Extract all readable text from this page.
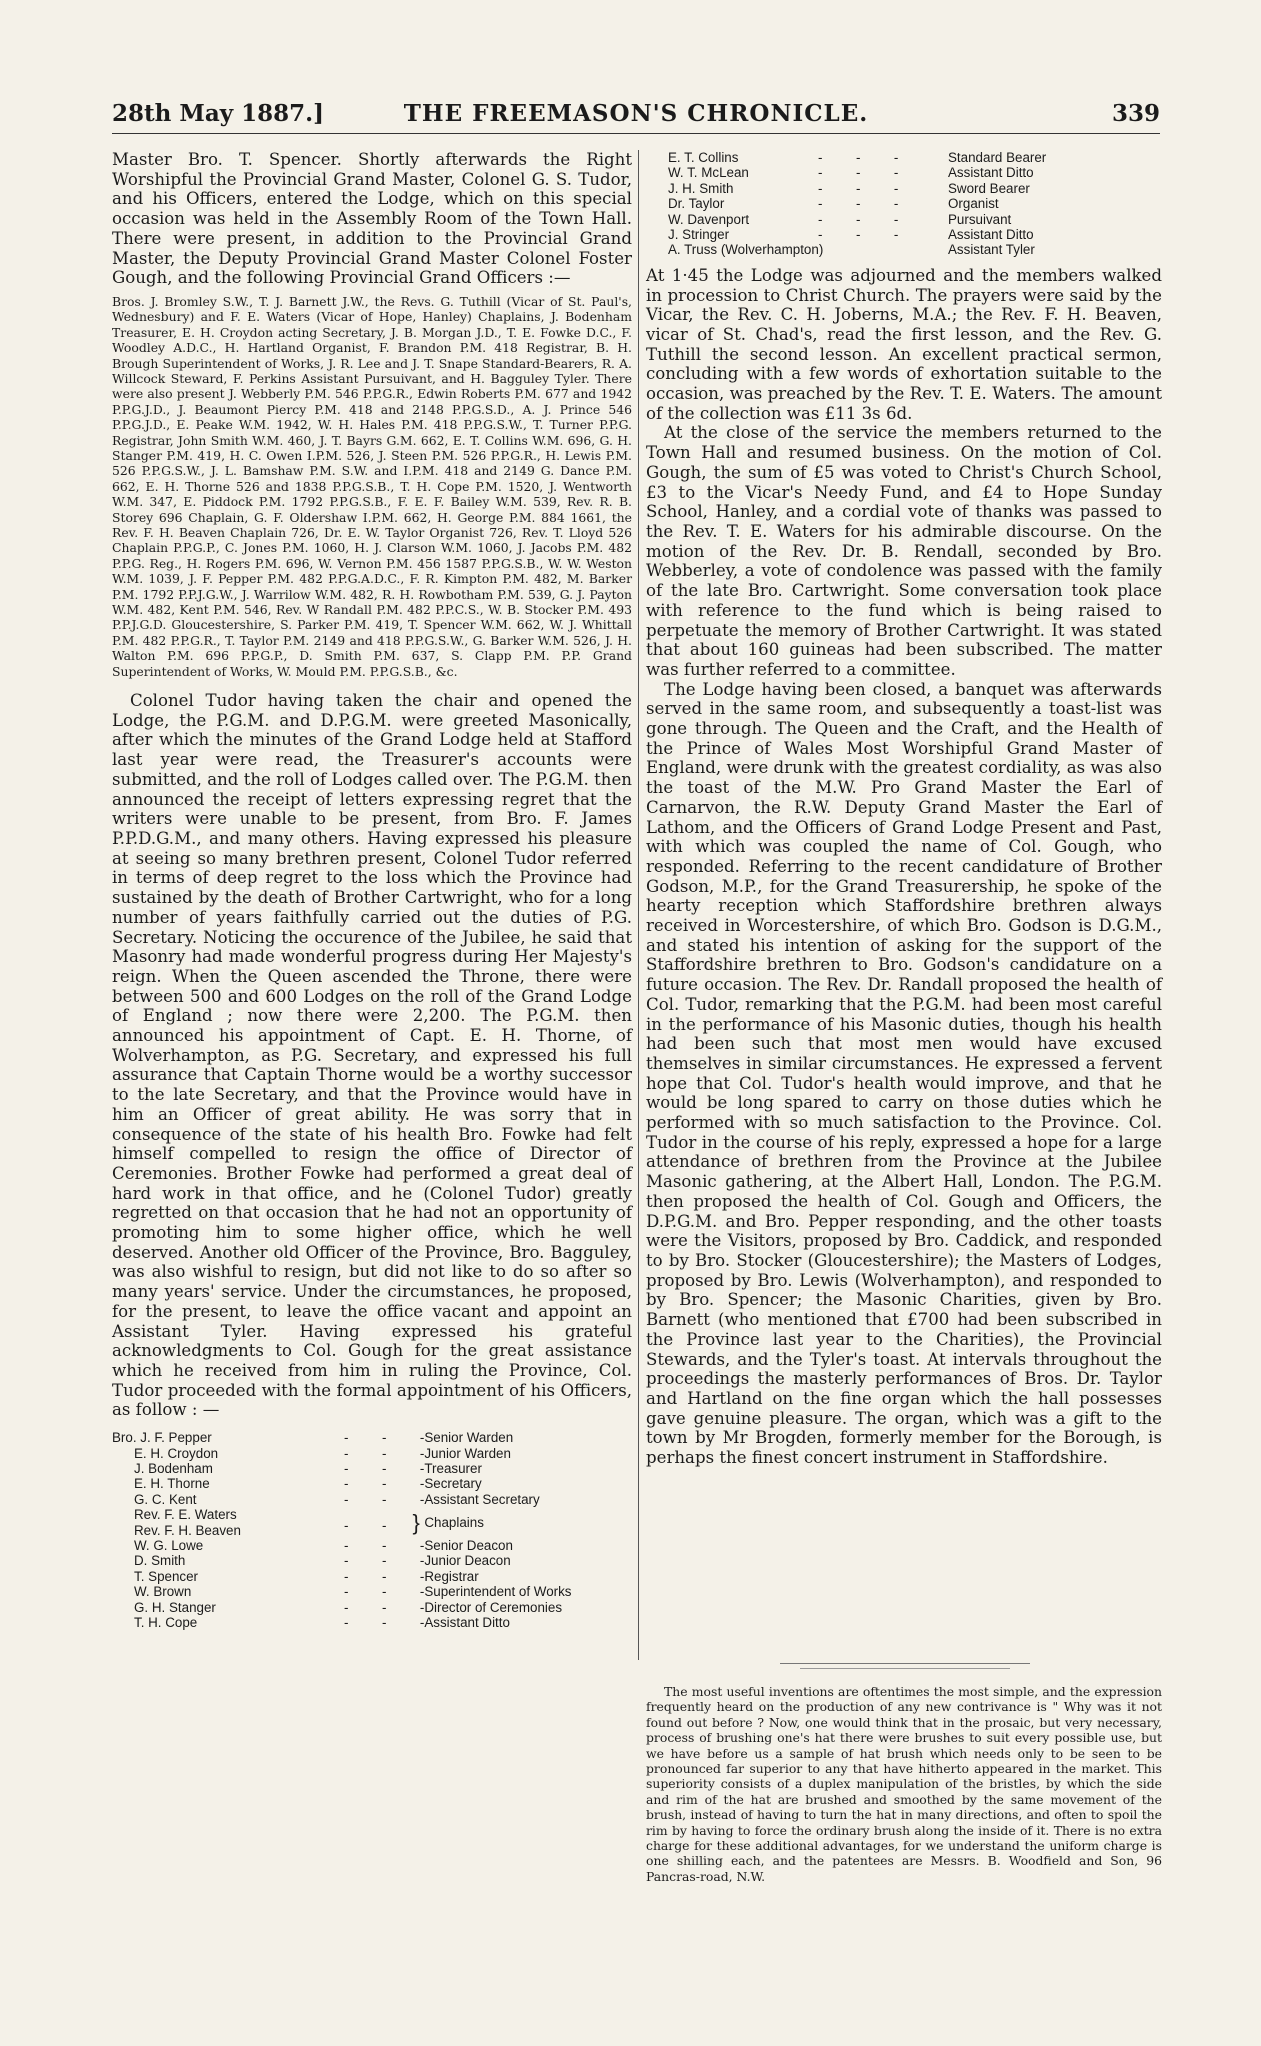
28th May 1887.]	THE FREEMASON'S CHRONICLE.	339

Master Bro. T. Spencer. Shortly afterwards the Right Worshipful the Provincial Grand Master, Colonel G. S. Tudor, and his Officers, entered the Lodge, which on this special occasion was held in the Assembly Room of the Town Hall. There were present, in addition to the Provincial Grand Master, the Deputy Provincial Grand Master Colonel Foster Gough, and the following Provincial Grand Officers :—

Bros. J. Bromley S.W., T. J. Barnett J.W., the Revs. G. Tuthill (Vicar of St. Paul's, Wednesbury) and F. E. Waters (Vicar of Hope, Hanley) Chaplains, J. Bodenham Treasurer, E. H. Croydon acting Secretary, J. B. Morgan J.D., T. E. Fowke D.C., F. Woodley A.D.C., H. Hartland Organist, F. Brandon P.M. 418 Registrar, B. H. Brough Superintendent of Works, J. R. Lee and J. T. Snape Standard-Bearers, R. A. Willcock Steward, F. Perkins Assistant Pursuivant, and H. Bagguley Tyler. There were also present J. Webberly P.M. 546 P.P.G.R., Edwin Roberts P.M. 677 and 1942 P.P.G.J.D., J. Beaumont Piercy P.M. 418 and 2148 P.P.G.S.D., A. J. Prince 546 P.P.G.J.D., E. Peake W.M. 1942, W. H. Hales P.M. 418 P.P.G.S.W., T. Turner P.P.G. Registrar, John Smith W.M. 460, J. T. Bayrs G.M. 662, E. T. Collins W.M. 696, G. H. Stanger P.M. 419, H. C. Owen I.P.M. 526, J. Steen P.M. 526 P.P.G.R., H. Lewis P.M. 526 P.P.G.S.W., J. L. Bamshaw P.M. S.W. and I.P.M. 418 and 2149 G. Dance P.M. 662, E. H. Thorne 526 and 1838 P.P.G.S.B., T. H. Cope P.M. 1520, J. Wentworth W.M. 347, E. Piddock P.M. 1792 P.P.G.S.B., F. E. F. Bailey W.M. 539, Rev. R. B. Storey 696 Chaplain, G. F. Oldershaw I.P.M. 662, H. George P.M. 884 1661, the Rev. F. H. Beaven Chaplain 726, Dr. E. W. Taylor Organist 726, Rev. T. Lloyd 526 Chaplain P.P.G.P., C. Jones P.M. 1060, H. J. Clarson W.M. 1060, J. Jacobs P.M. 482 P.P.G. Reg., H. Rogers P.M. 696, W. Vernon P.M. 456 1587 P.P.G.S.B., W. W. Weston W.M. 1039, J. F. Pepper P.M. 482 P.P.G.A.D.C., F. R. Kimpton P.M. 482, M. Barker P.M. 1792 P.P.J.G.W., J. Warrilow W.M. 482, R. H. Rowbotham P.M. 539, G. J. Payton W.M. 482, Kent P.M. 546, Rev. W Randall P.M. 482 P.P.C.S., W. B. Stocker P.M. 493 P.P.J.G.D. Gloucestershire, S. Parker P.M. 419, T. Spencer W.M. 662, W. J. Whittall P.M. 482 P.P.G.R., T. Taylor P.M. 2149 and 418 P.P.G.S.W., G. Barker W.M. 526, J. H. Walton P.M. 696 P.P.G.P., D. Smith P.M. 637, S. Clapp P.M. P.P. Grand Superintendent of Works, W. Mould P.M. P.P.G.S.B., &c.

Colonel Tudor having taken the chair and opened the Lodge, the P.G.M. and D.P.G.M. were greeted Masonically, after which the minutes of the Grand Lodge held at Stafford last year were read, the Treasurer's accounts were submitted, and the roll of Lodges called over. The P.G.M. then announced the receipt of letters expressing regret that the writers were unable to be present, from Bro. F. James P.P.D.G.M., and many others. Having expressed his pleasure at seeing so many brethren present, Colonel Tudor referred in terms of deep regret to the loss which the Province had sustained by the death of Brother Cartwright, who for a long number of years faithfully carried out the duties of P.G. Secretary. Noticing the occurence of the Jubilee, he said that Masonry had made wonderful progress during Her Majesty's reign. When the Queen ascended the Throne, there were between 500 and 600 Lodges on the roll of the Grand Lodge of England ; now there were 2,200. The P.G.M. then announced his appointment of Capt. E. H. Thorne, of Wolverhampton, as P.G. Secretary, and expressed his full assurance that Captain Thorne would be a worthy successor to the late Secretary, and that the Province would have in him an Officer of great ability. He was sorry that in consequence of the state of his health Bro. Fowke had felt himself compelled to resign the office of Director of Ceremonies. Brother Fowke had performed a great deal of hard work in that office, and he (Colonel Tudor) greatly regretted on that occasion that he had not an opportunity of promoting him to some higher office, which he well deserved. Another old Officer of the Province, Bro. Bagguley, was also wishful to resign, but did not like to do so after so many years' service. Under the circumstances, he proposed, for the present, to leave the office vacant and appoint an Assistant Tyler. Having expressed his grateful acknowledgments to Col. Gough for the great assistance which he received from him in ruling the Province, Col. Tudor proceeded with the formal appointment of his Officers, as follow : —

Bro. J. F. Pepper	-         -         -	Senior Warden
E. H. Croydon	-         -         -	Junior Warden
J. Bodenham	-         -         -	Treasurer
E. H. Thorne	-         -         -	Secretary
G. C. Kent	-         -         -	Assistant Secretary
Rev. F. E. Waters	-         -       }	Chaplains
Rev. F. H. Beaven		
W. G. Lowe	-         -         -	Senior Deacon
D. Smith	-         -         -	Junior Deacon
T. Spencer	-         -         -	Registrar
W. Brown	-         -         -	Superintendent of Works
G. H. Stanger	-         -         -	Director of Ceremonies
T. H. Cope	-         -         -	Assistant Ditto
E. T. Collins	-         -         -	Standard Bearer
W. T. McLean	-         -         -	Assistant Ditto
J. H. Smith	-         -         -	Sword Bearer
Dr. Taylor	-         -         -	Organist
W. Davenport	-         -         -	Pursuivant
J. Stringer	-         -         -	Assistant Ditto
A. Truss (Wolverhampton)		Assistant Tyler

At 1·45 the Lodge was adjourned and the members walked in procession to Christ Church. The prayers were said by the Vicar, the Rev. C. H. Joberns, M.A.; the Rev. F. H. Beaven, vicar of St. Chad's, read the first lesson, and the Rev. G. Tuthill the second lesson. An excellent practical sermon, concluding with a few words of exhortation suitable to the occasion, was preached by the Rev. T. E. Waters. The amount of the collection was £11 3s 6d.

At the close of the service the members returned to the Town Hall and resumed business. On the motion of Col. Gough, the sum of £5 was voted to Christ's Church School, £3 to the Vicar's Needy Fund, and £4 to Hope Sunday School, Hanley, and a cordial vote of thanks was passed to the Rev. T. E. Waters for his admirable discourse. On the motion of the Rev. Dr. B. Rendall, seconded by Bro. Webberley, a vote of condolence was passed with the family of the late Bro. Cartwright. Some conversation took place with reference to the fund which is being raised to perpetuate the memory of Brother Cartwright. It was stated that about 160 guineas had been subscribed. The matter was further referred to a committee.

The Lodge having been closed, a banquet was afterwards served in the same room, and subsequently a toast-list was gone through. The Queen and the Craft, and the Health of the Prince of Wales Most Worshipful Grand Master of England, were drunk with the greatest cordiality, as was also the toast of the M.W. Pro Grand Master the Earl of Carnarvon, the R.W. Deputy Grand Master the Earl of Lathom, and the Officers of Grand Lodge Present and Past, with which was coupled the name of Col. Gough, who responded. Referring to the recent candidature of Brother Godson, M.P., for the Grand Treasurership, he spoke of the hearty reception which Staffordshire brethren always received in Worcestershire, of which Bro. Godson is D.G.M., and stated his intention of asking for the support of the Staffordshire brethren to Bro. Godson's candidature on a future occasion. The Rev. Dr. Randall proposed the health of Col. Tudor, remarking that the P.G.M. had been most careful in the performance of his Masonic duties, though his health had been such that most men would have excused themselves in similar circumstances. He expressed a fervent hope that Col. Tudor's health would improve, and that he would be long spared to carry on those duties which he performed with so much satisfaction to the Province. Col. Tudor in the course of his reply, expressed a hope for a large attendance of brethren from the Province at the Jubilee Masonic gathering, at the Albert Hall, London. The P.G.M. then proposed the health of Col. Gough and Officers, the D.P.G.M. and Bro. Pepper responding, and the other toasts were the Visitors, proposed by Bro. Caddick, and responded to by Bro. Stocker (Gloucestershire); the Masters of Lodges, proposed by Bro. Lewis (Wolverhampton), and responded to by Bro. Spencer; the Masonic Charities, given by Bro. Barnett (who mentioned that £700 had been subscribed in the Province last year to the Charities), the Provincial Stewards, and the Tyler's toast. At intervals throughout the proceedings the masterly performances of Bros. Dr. Taylor and Hartland on the fine organ which the hall possesses gave genuine pleasure. The organ, which was a gift to the town by Mr Brogden, formerly member for the Borough, is perhaps the finest concert instrument in Staffordshire.

The most useful inventions are oftentimes the most simple, and the expression frequently heard on the production of any new contrivance is " Why was it not found out before ? Now, one would think that in the prosaic, but very necessary, process of brushing one's hat there were brushes to suit every possible use, but we have before us a sample of hat brush which needs only to be seen to be pronounced far superior to any that have hitherto appeared in the market. This superiority consists of a duplex manipulation of the bristles, by which the side and rim of the hat are brushed and smoothed by the same movement of the brush, instead of having to turn the hat in many directions, and often to spoil the rim by having to force the ordinary brush along the inside of it. There is no extra charge for these additional advantages, for we understand the uniform charge is one shilling each, and the patentees are Messrs. B. Woodfield and Son, 96 Pancras-road, N.W.
